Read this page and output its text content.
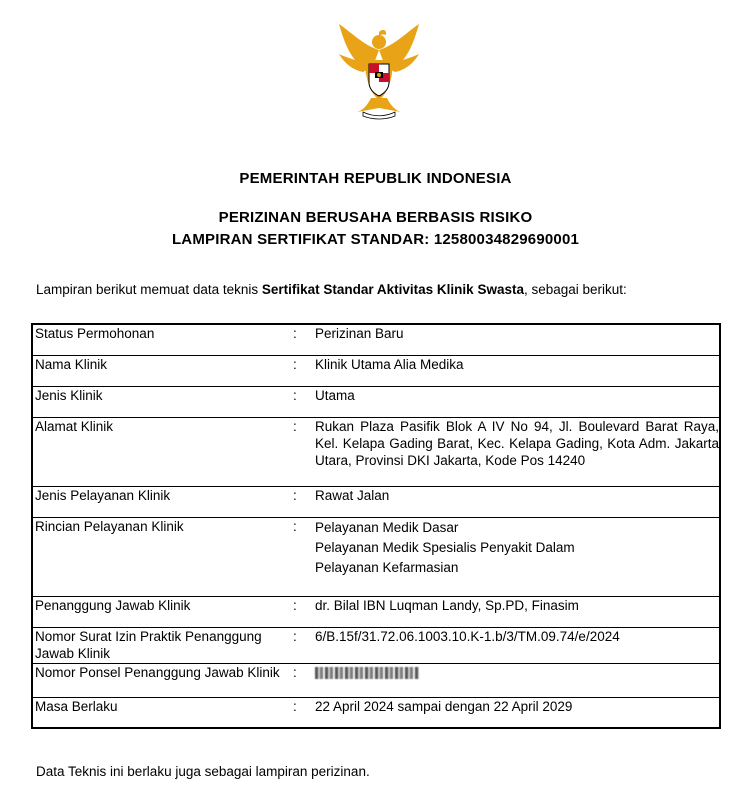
PEMERINTAH REPUBLIK INDONESIA
PERIZINAN BERUSAHA BERBASIS RISIKO
LAMPIRAN SERTIFIKAT STANDAR: 12580034829690001
Lampiran berikut memuat data teknis Sertifikat Standar Aktivitas Klinik Swasta, sebagai berikut:
Status Permohonan	:	Perizinan Baru
Nama Klinik	:	Klinik Utama Alia Medika
Jenis Klinik	:	Utama
Alamat Klinik	:	Rukan Plaza Pasifik Blok A IV No 94, Jl. Boulevard Barat Raya, Kel. Kelapa Gading Barat, Kec. Kelapa Gading, Kota Adm. Jakarta Utara, Provinsi DKI Jakarta, Kode Pos 14240
Jenis Pelayanan Klinik	:	Rawat Jalan
Rincian Pelayanan Klinik	:	Pelayanan Medik Dasar
Pelayanan Medik Spesialis Penyakit Dalam
Pelayanan Kefarmasian

Penanggung Jawab Klinik	:	dr. Bilal IBN Luqman Landy, Sp.PD, Finasim
Nomor Surat Izin Praktik Penanggung Jawab Klinik	:	6/B.15f/31.72.06.1003.10.K-1.b/3/TM.09.74/e/2024
Nomor Ponsel Penanggung Jawab Klinik	:	
Masa Berlaku	:	22 April 2024 sampai dengan 22 April 2029
Data Teknis ini berlaku juga sebagai lampiran perizinan.
